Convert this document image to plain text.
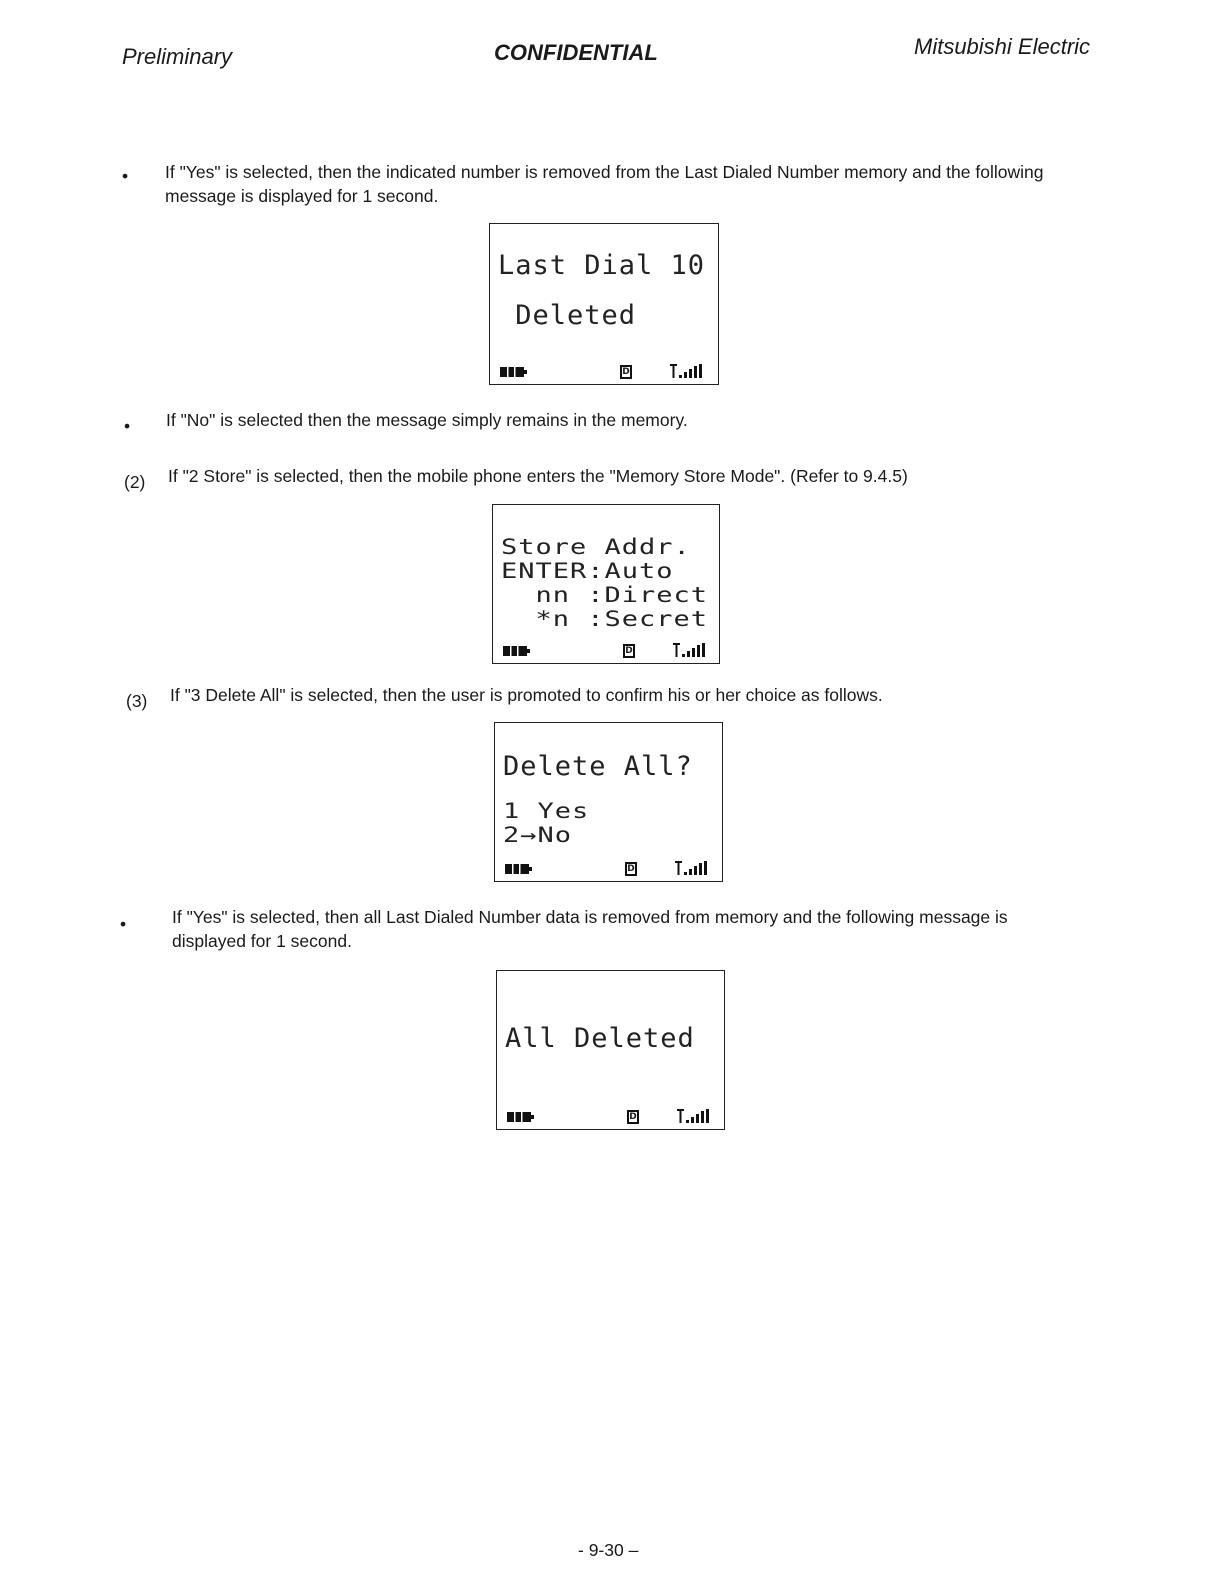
Preliminary	CONFIDENTIAL	Mitsubishi Electric
• If "Yes" is selected, then the indicated number is removed from the Last Dialed Number memory and the following message is displayed for 1 second.
Last Dial 10
Deleted
D
• If "No" is selected then the message simply remains in the memory.
(2) If "2 Store" is selected, then the mobile phone enters the "Memory Store Mode". (Refer to 9.4.5)
Store Addr.
ENTER:Auto
nn :Direct
*n :Secret
D
(3) If "3 Delete All" is selected, then the user is promoted to confirm his or her choice as follows.
Delete All?
1 Yes
2→No
D
•	If "Yes" is selected, then all Last Dialed Number data is removed from memory and the following message is displayed for 1 second.
All Deleted
D
- 9-30 –
